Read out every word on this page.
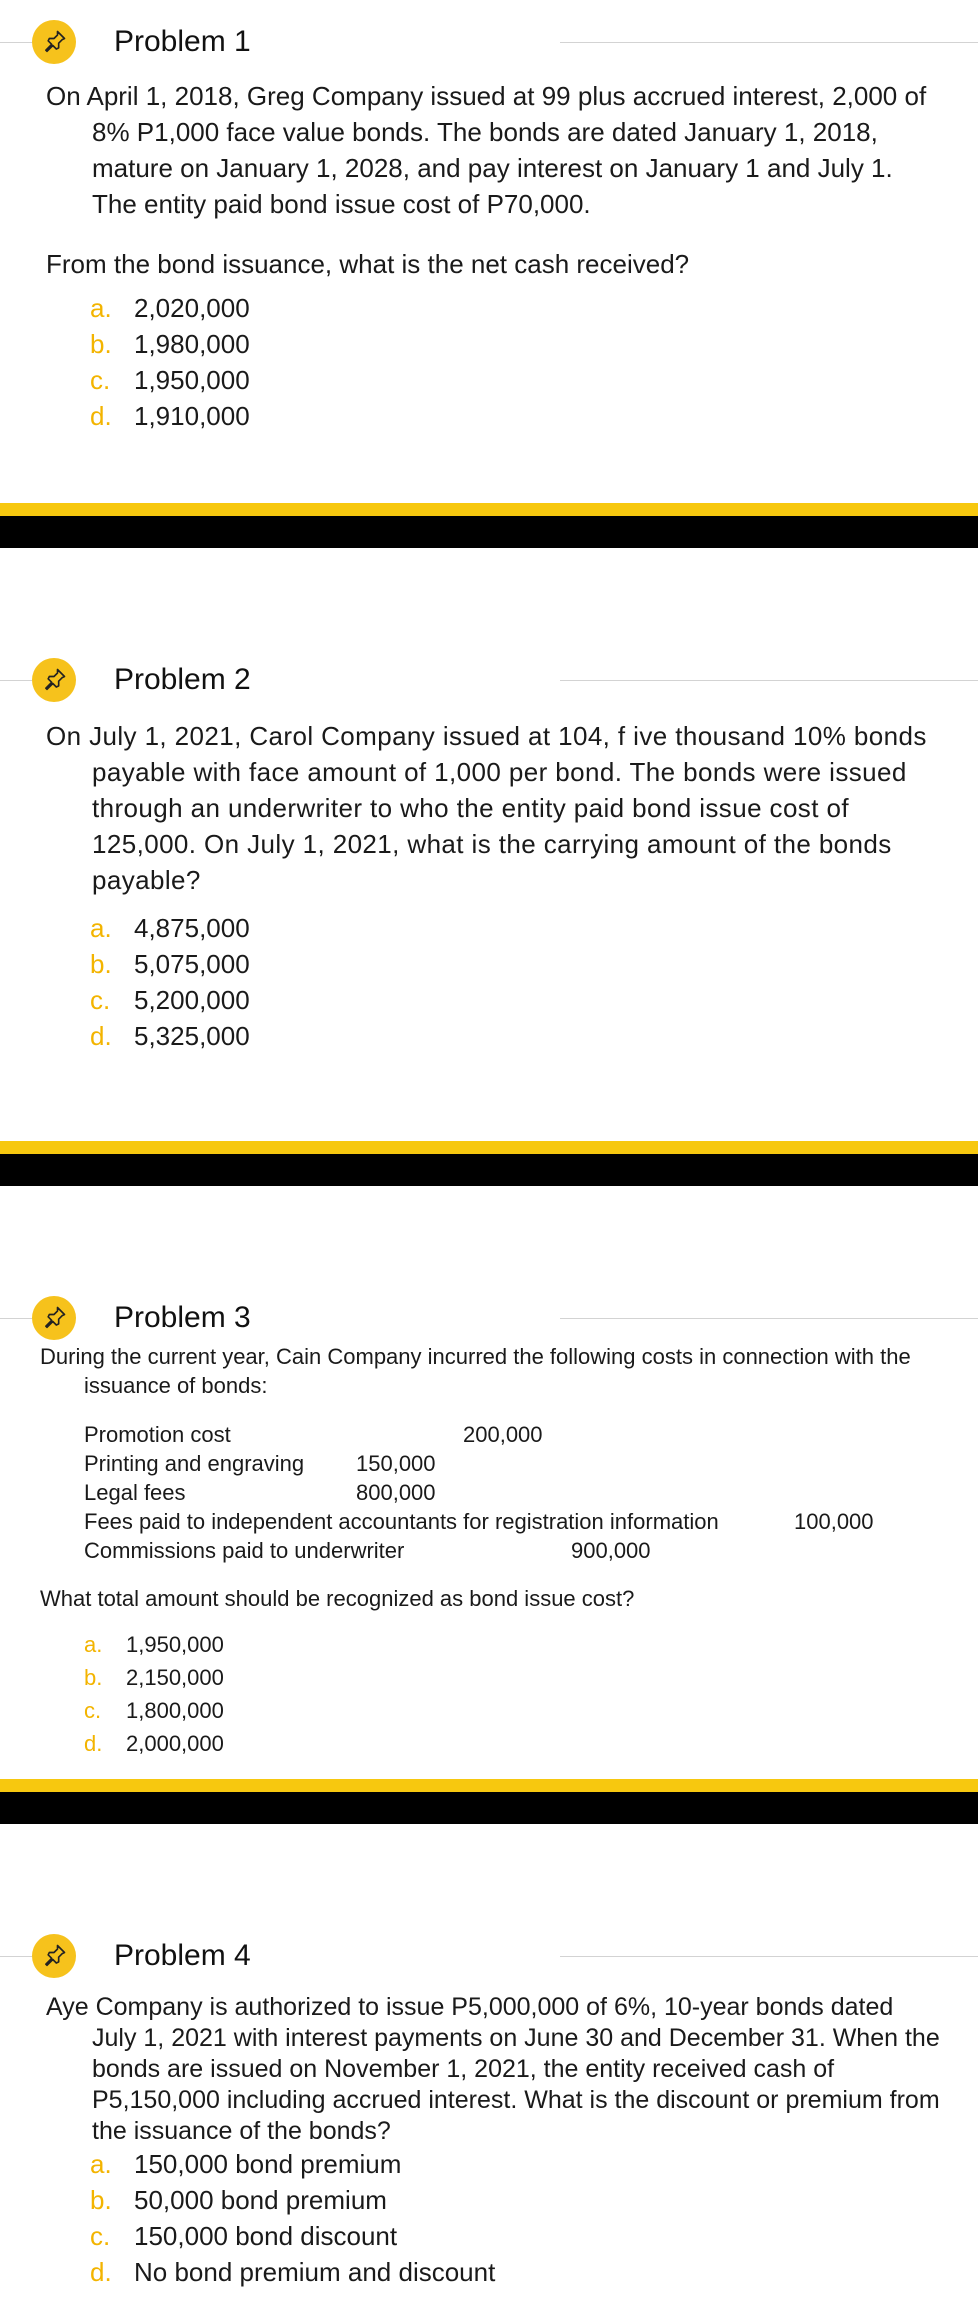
Problem 1

On April 1, 2018, Greg Company issued at 99 plus accrued interest, 2,000 of 8% P1,000 face value bonds. The bonds are dated January 1, 2018, mature on January 1, 2028, and pay interest on January 1 and July 1. The entity paid bond issue cost of P70,000.

From the bond issuance, what is the net cash received?
a. 2,020,000
b. 1,980,000
c. 1,950,000
d. 1,910,000
Problem 2

On July 1, 2021, Carol Company issued at 104, f ive thousand 10% bonds payable with face amount of 1,000 per bond. The bonds were issued through an underwriter to who the entity paid bond issue cost of 125,000. On July 1, 2021, what is the carrying amount of the bonds payable?

a. 4,875,000
b. 5,075,000
c. 5,200,000
d. 5,325,000
Problem 3

During the current year, Cain Company incurred the following costs in connection with the issuance of bonds:

Promotion cost	200,000
Printing and engraving 150,000
Legal fees	800,000
Fees paid to independent accountants for registration information	100,000
Commissions paid to underwriter	900,000
What total amount should be recognized as bond issue cost?
a.	1,950,000
b.	2,150,000
c.	1,800,000
d.	2,000,000
Problem 4

Aye Company is authorized to issue P5,000,000 of 6%, 10-year bonds dated July 1, 2021 with interest payments on June 30 and December 31. When the bonds are issued on November 1, 2021, the entity received cash of P5,150,000 including accrued interest. What is the discount or premium from the issuance of the bonds?

a. 150,000 bond premium
b. 50,000 bond premium
c. 150,000 bond discount
d. No bond premium and discount
